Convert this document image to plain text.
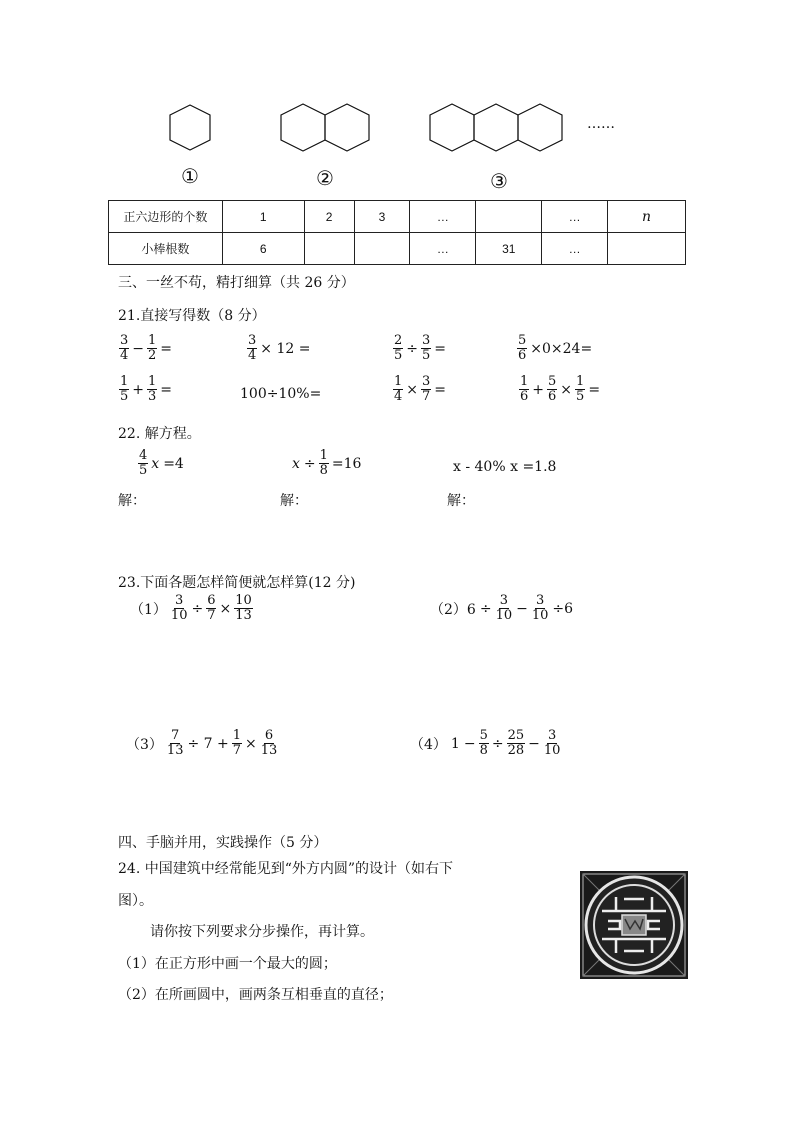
……
①	②	③
正六边形的个数	1	2	3	…		…	n
小棒根数	6			…	31	…	
三、一丝不苟，精打细算（共 26 分）
21.直接写得数（8 分）
$\frac{3}{4} - \frac{1}{2}$ =	$\frac{3}{4} \times 12$ =	$\frac{2}{5} \div \frac{3}{5}$ =	$\frac{5}{6} \times 0\times 24=$
$\frac{1}{5} + \frac{1}{3}$ =	100÷10%=	$\frac{1}{4} \times \frac{3}{7}$ =	$\frac{1}{6} + \frac{5}{6} \times \frac{1}{5}$ =
22. 解方程。
$\frac{4}{5} x=4$	$x \div \frac{1}{8} =16$	x - 40% x =1.8
解：	解：	解：
23.下面各题怎样简便就怎样算(12 分)
$(1) \frac{3}{10} \div \frac{6}{7} \times \frac{10}{13}$	$(2)6 \div \frac{3}{10} - \frac{3}{10} \div 6$
$(3) \frac{7}{13} \div 7 + \frac{1}{7} \times \frac{6}{13}$	（4） $1 - \frac{5}{8} \div \frac{25}{28} - \frac{3}{10}$
四、手脑并用，实践操作（5 分）
24. 中国建筑中经常能见到“外方内圆”的设计（如右下
图）。
请你按下列要求分步操作，再计算。
（1）在正方形中画一个最大的圆；
（2）在所画圆中，画两条互相垂直的直径；
